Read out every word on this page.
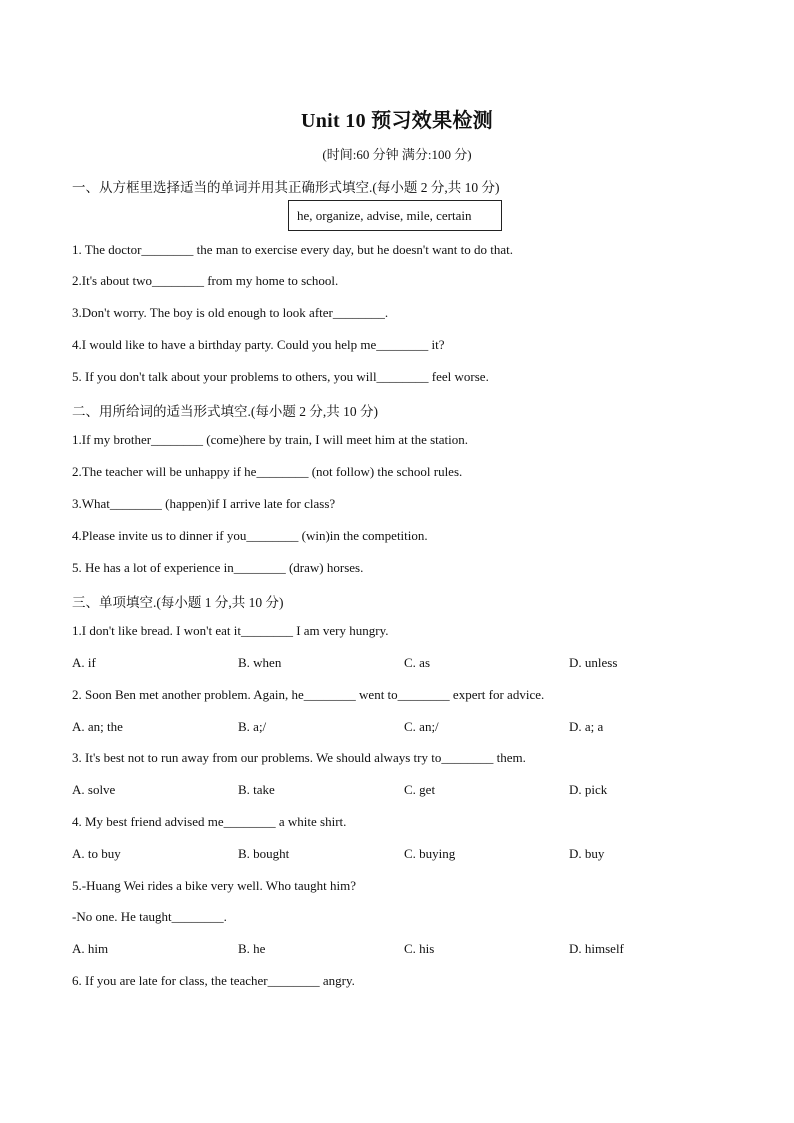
Unit 10 预习效果检测
(时间:60 分钟 满分:100 分)
一、从方框里选择适当的单词并用其正确形式填空.(每小题 2 分,共 10 分)
he, organize, advise, mile, certain
1. The doctor________ the man to exercise every day, but he doesn't want to do that.
2.It's about two________ from my home to school.
3.Don't worry. The boy is old enough to look after________.
4.I would like to have a birthday party. Could you help me________ it?
5. If you don't talk about your problems to others, you will________ feel worse.
二、用所给词的适当形式填空.(每小题 2 分,共 10 分)
1.If my brother________ (come)here by train, I will meet him at the station.
2.The teacher will be unhappy if he________ (not follow) the school rules.
3.What________ (happen)if I arrive late for class?
4.Please invite us to dinner if you________ (win)in the competition.
5. He has a lot of experience in________ (draw) horses.
三、单项填空.(每小题 1 分,共 10 分)
1.I don't like bread. I won't eat it________ I am very hungry.
A. if	B. when	C. as	D. unless
2. Soon Ben met another problem. Again, he________ went to________ expert for advice.
A. an; the	B. a;/	C. an;/	D. a; a
3. It's best not to run away from our problems. We should always try to________ them.
A. solve	B. take	C. get	D. pick
4. My best friend advised me________ a white shirt.
A. to buy	B. bought	C. buying	D. buy
5.-Huang Wei rides a bike very well. Who taught him?
-No one. He taught________.
A. him	B. he	C. his	D. himself
6. If you are late for class, the teacher________ angry.
